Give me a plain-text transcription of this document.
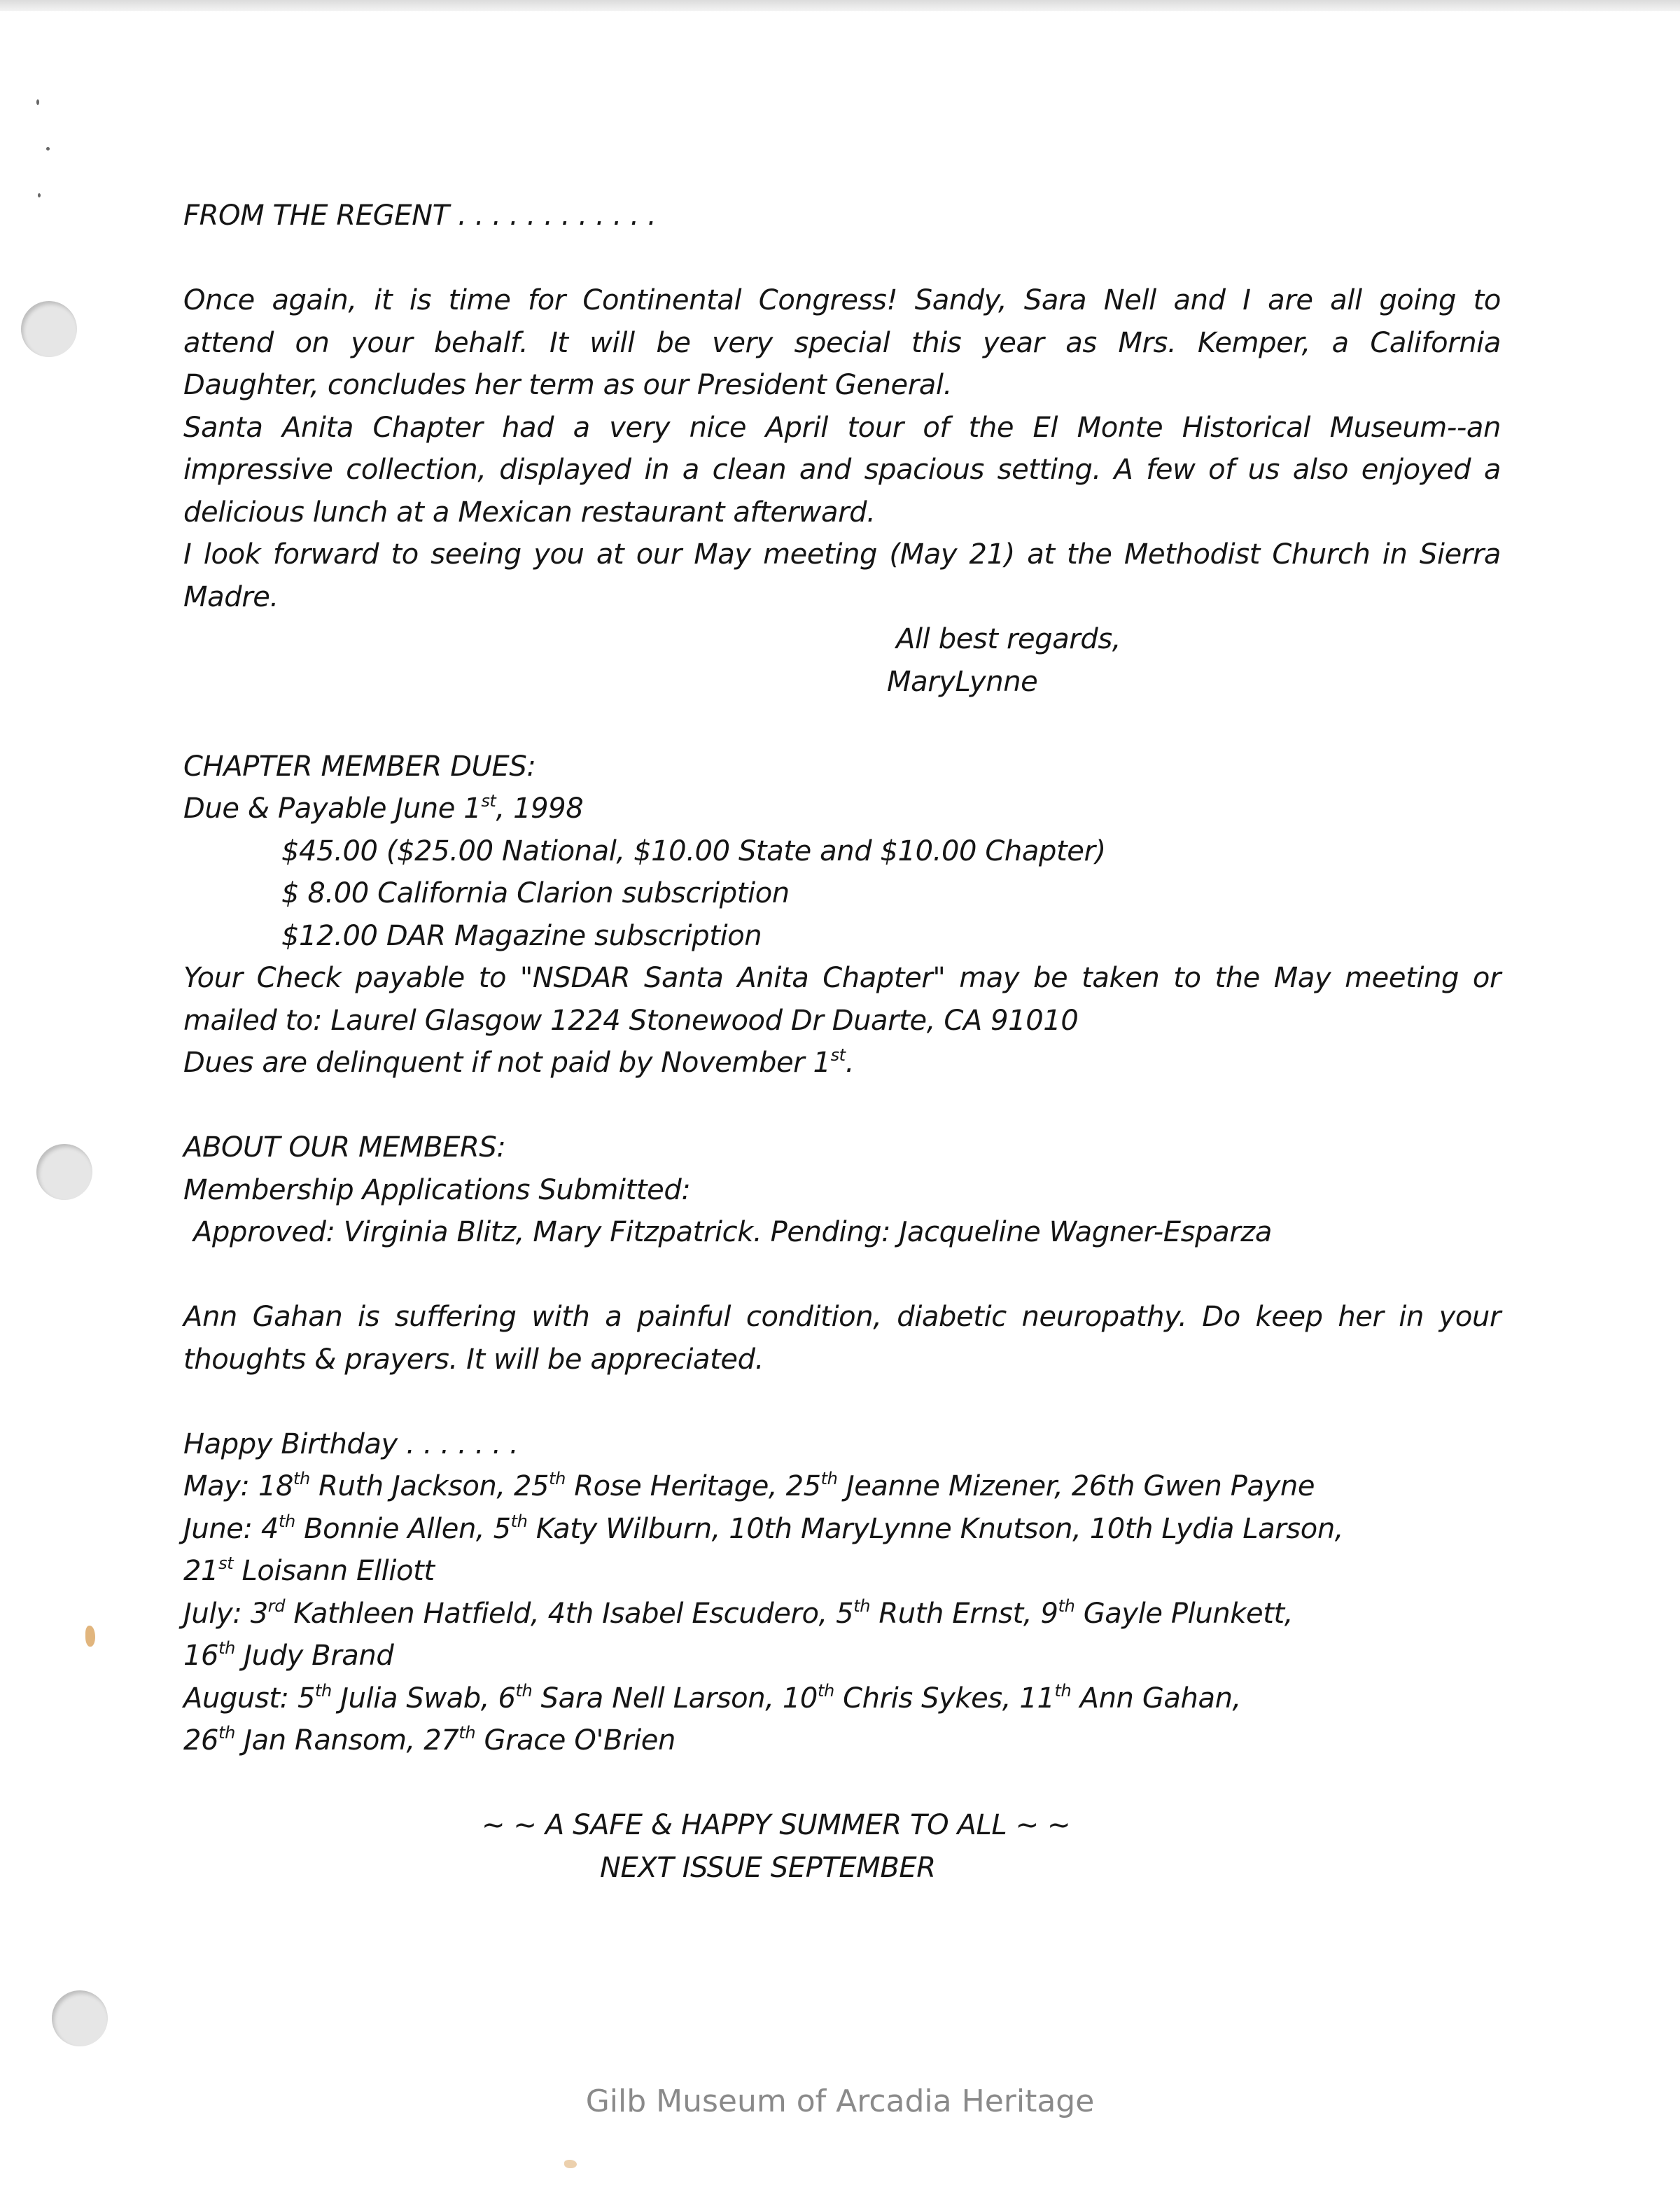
FROM THE REGENT . . . . . . . . . . . .
Once again, it is time for Continental Congress! Sandy, Sara Nell and I are all going to
attend on your behalf. It will be very special this year as Mrs. Kemper, a California
Daughter, concludes her term as our President General.
Santa Anita Chapter had a very nice April tour of the El Monte Historical Museum--an
impressive collection, displayed in a clean and spacious setting. A few of us also enjoyed a
delicious lunch at a Mexican restaurant afterward.
I look forward to seeing you at our May meeting (May 21) at the Methodist Church in Sierra
Madre.
All best regards,
MaryLynne
CHAPTER MEMBER DUES:
Due & Payable June 1st, 1998
$45.00 ($25.00 National, $10.00 State and $10.00 Chapter)
$ 8.00 California Clarion subscription
$12.00 DAR Magazine subscription
Your Check payable to "NSDAR Santa Anita Chapter" may be taken to the May meeting or
mailed to: Laurel Glasgow 1224 Stonewood Dr Duarte, CA 91010
Dues are delinquent if not paid by November 1st.
ABOUT OUR MEMBERS:
Membership Applications Submitted:
Approved: Virginia Blitz, Mary Fitzpatrick. Pending: Jacqueline Wagner-Esparza
Ann Gahan is suffering with a painful condition, diabetic neuropathy. Do keep her in your
thoughts & prayers. It will be appreciated.
Happy Birthday . . . . . . .
May: 18th Ruth Jackson, 25th Rose Heritage, 25th Jeanne Mizener, 26th Gwen Payne
June: 4th Bonnie Allen, 5th Katy Wilburn, 10th MaryLynne Knutson, 10th Lydia Larson,
21st Loisann Elliott
July: 3rd Kathleen Hatfield, 4th Isabel Escudero, 5th Ruth Ernst, 9th Gayle Plunkett,
16th Judy Brand
August: 5th Julia Swab, 6th Sara Nell Larson, 10th Chris Sykes, 11th Ann Gahan,
26th Jan Ransom, 27th Grace O'Brien
~ ~ A SAFE & HAPPY SUMMER TO ALL ~ ~
NEXT ISSUE SEPTEMBER
Gilb Museum of Arcadia Heritage
